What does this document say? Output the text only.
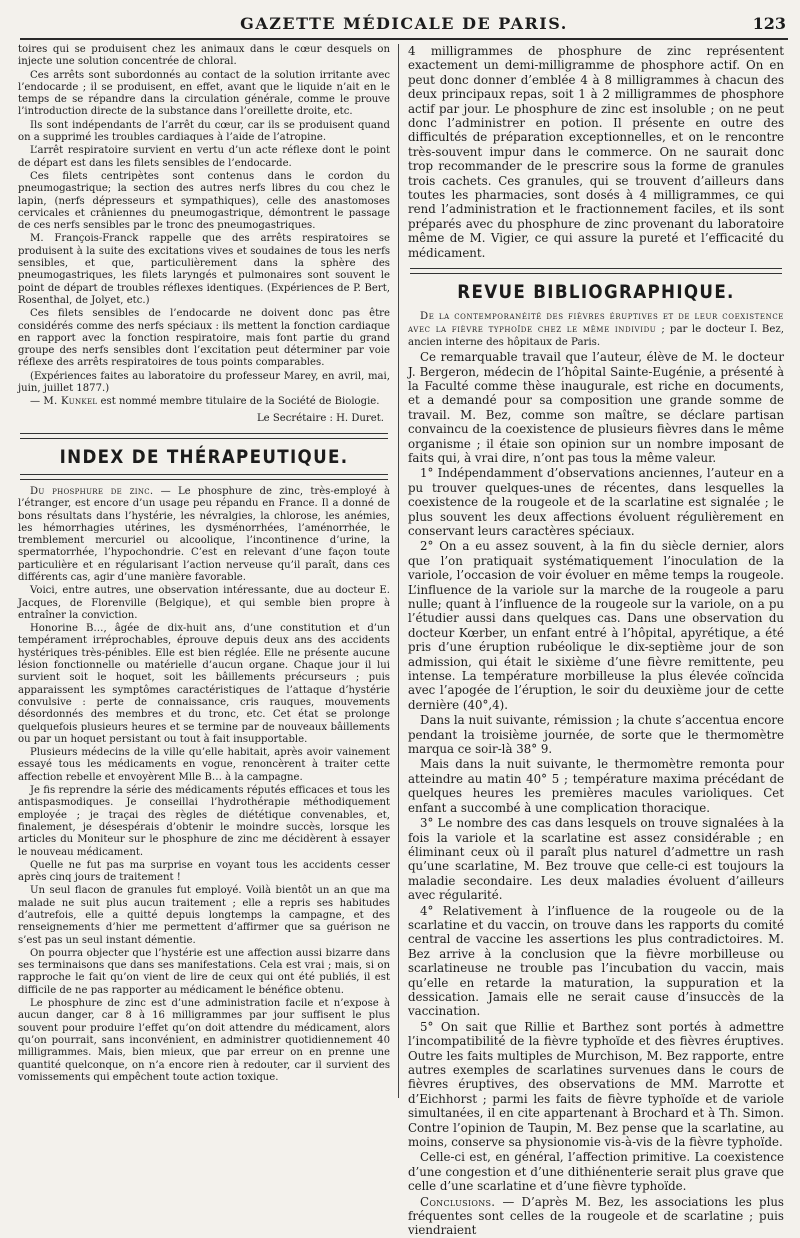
GAZETTE MÉDICALE DE PARIS.	123

toires qui se produisent chez les animaux dans le cœur desquels on injecte une solution concentrée de chloral.

Ces arrêts sont subordonnés au contact de la solution irritante avec l’endocarde ; il se produisent, en effet, avant que le liquide n’ait en le temps de se répandre dans la circulation générale, comme le prouve l’introduction directe de la substance dans l’oreillette droite, etc.

Ils sont indépendants de l’arrêt du cœur, car ils se produisent quand on a supprimé les troubles cardiaques à l’aide de l’atropine.

L’arrêt respiratoire survient en vertu d’un acte réflexe dont le point de départ est dans les filets sensibles de l’endocarde.

Ces filets centripètes sont contenus dans le cordon du pneumogastrique; la section des autres nerfs libres du cou chez le lapin, (nerfs dépresseurs et sympathiques), celle des anastomoses cervicales et crâniennes du pneumogastrique, démontrent le passage de ces nerfs sensibles par le tronc des pneumogastriques.

M. François-Franck rappelle que des arrêts respiratoires se produisent à la suite des excitations vives et soudaines de tous les nerfs sensibles, et que, particulièrement dans la sphère des pneumogastriques, les filets laryngés et pulmonaires sont souvent le point de départ de troubles réflexes identiques. (Expériences de P. Bert, Rosenthal, de Jolyet, etc.)

Ces filets sensibles de l’endocarde ne doivent donc pas être considérés comme des nerfs spéciaux : ils mettent la fonction cardiaque en rapport avec la fonction respiratoire, mais font partie du grand groupe des nerfs sensibles dont l’excitation peut déterminer par voie réflexe des arrêts respiratoires de tous points comparables.

(Expériences faites au laboratoire du professeur Marey, en avril, mai, juin, juillet 1877.)

— M. Kunkel est nommé membre titulaire de la Société de Biologie.

Le Secrétaire : H. Duret.

INDEX DE THÉRAPEUTIQUE.

Du phosphure de zinc. — Le phosphure de zinc, très-employé à l’étranger, est encore d’un usage peu répandu en France. Il a donné de bons résultats dans l’hystérie, les névralgies, la chlorose, les anémies, les hémorrhagies utérines, les dysménorrhées, l’aménorrhée, le tremblement mercuriel ou alcoolique, l’incontinence d’urine, la spermatorrhée, l’hypochondrie. C’est en relevant d’une façon toute particulière et en régularisant l’action nerveuse qu’il paraît, dans ces différents cas, agir d’une manière favorable.

Voici, entre autres, une observation intéressante, due au docteur E. Jacques, de Florenville (Belgique), et qui semble bien propre à entraîner la conviction.

Honorine B…, âgée de dix-huit ans, d’une constitution et d’un tempérament irréprochables, éprouve depuis deux ans des accidents hystériques très-pénibles. Elle est bien réglée. Elle ne présente aucune lésion fonctionnelle ou matérielle d’aucun organe. Chaque jour il lui survient soit le hoquet, soit les bâillements précurseurs ; puis apparaissent les symptômes caractéristiques de l’attaque d’hystérie convulsive : perte de connaissance, cris rauques, mouvements désordonnés des membres et du tronc, etc. Cet état se prolonge quelquefois plusieurs heures et se termine par de nouveaux bâillements ou par un hoquet persistant ou tout à fait insupportable.

Plusieurs médecins de la ville qu’elle habitait, après avoir vainement essayé tous les médicaments en vogue, renoncèrent à traiter cette affection rebelle et envoyèrent Mlle B… à la campagne.

Je fis reprendre la série des médicaments réputés efficaces et tous les antispasmodiques. Je conseillai l’hydrothérapie méthodiquement employée ; je traçai des règles de diététique convenables, et, finalement, je désespérais d’obtenir le moindre succès, lorsque les articles du Moniteur sur le phosphure de zinc me décidèrent à essayer le nouveau médicament.

Quelle ne fut pas ma surprise en voyant tous les accidents cesser après cinq jours de traitement !

Un seul flacon de granules fut employé. Voilà bientôt un an que ma malade ne suit plus aucun traitement ; elle a repris ses habitudes d’autrefois, elle a quitté depuis longtemps la campagne, et des renseignements d’hier me permettent d’affirmer que sa guérison ne s’est pas un seul instant démentie.

On pourra objecter que l’hystérie est une affection aussi bizarre dans ses terminaisons que dans ses manifestations. Cela est vrai ; mais, si on rapproche le fait qu’on vient de lire de ceux qui ont été publiés, il est difficile de ne pas rapporter au médicament le bénéfice obtenu.

Le phosphure de zinc est d’une administration facile et n’expose à aucun danger, car 8 à 16 milligrammes par jour suffisent le plus souvent pour produire l’effet qu’on doit attendre du médicament, alors qu’on pourrait, sans inconvénient, en administrer quotidiennement 40 milligrammes. Mais, bien mieux, que par erreur on en prenne une quantité quelconque, on n’a encore rien à redouter, car il survient des vomissements qui empêchent toute action toxique.

4 milligrammes de phosphure de zinc représentent exactement un demi-milligramme de phosphore actif. On en peut donc donner d’emblée 4 à 8 milligrammes à chacun des deux principaux repas, soit 1 à 2 milligrammes de phosphore actif par jour. Le phosphure de zinc est insoluble ; on ne peut donc l’administrer en potion. Il présente en outre des difficultés de préparation exceptionnelles, et on le rencontre très-souvent impur dans le commerce. On ne saurait donc trop recommander de le prescrire sous la forme de granules trois cachets. Ces granules, qui se trouvent d’ailleurs dans toutes les pharmacies, sont dosés à 4 milligrammes, ce qui rend l’administration et le fractionnement faciles, et ils sont préparés avec du phosphure de zinc provenant du laboratoire même de M. Vigier, ce qui assure la pureté et l’efficacité du médicament.

REVUE BIBLIOGRAPHIQUE.

De la contemporanéité des fièvres éruptives et de leur coexistence avec la fièvre typhoïde chez le même individu ; par le docteur I. Bez, ancien interne des hôpitaux de Paris.

Ce remarquable travail que l’auteur, élève de M. le docteur J. Bergeron, médecin de l’hôpital Sainte-Eugénie, a présenté à la Faculté comme thèse inaugurale, est riche en documents, et a demandé pour sa composition une grande somme de travail. M. Bez, comme son maître, se déclare partisan convaincu de la coexistence de plusieurs fièvres dans le même organisme ; il étaie son opinion sur un nombre imposant de faits qui, à vrai dire, n’ont pas tous la même valeur.

1° Indépendamment d’observations anciennes, l’auteur en a pu trouver quelques-unes de récentes, dans lesquelles la coexistence de la rougeole et de la scarlatine est signalée ; le plus souvent les deux affections évoluent régulièrement en conservant leurs caractères spéciaux.

2° On a eu assez souvent, à la fin du siècle dernier, alors que l’on pratiquait systématiquement l’inoculation de la variole, l’occasion de voir évoluer en même temps la rougeole. L’influence de la variole sur la marche de la rougeole a paru nulle; quant à l’influence de la rougeole sur la variole, on a pu l’étudier aussi dans quelques cas. Dans une observation du docteur Kœrber, un enfant entré à l’hôpital, apyrétique, a été pris d’une éruption rubéolique le dix-septième jour de son admission, qui était le sixième d’une fièvre remittente, peu intense. La température morbilleuse la plus élevée coïncida avec l’apogée de l’éruption, le soir du deuxième jour de cette dernière (40°,4).

Dans la nuit suivante, rémission ; la chute s’accentua encore pendant la troisième journée, de sorte que le thermomètre marqua ce soir-là 38° 9.

Mais dans la nuit suivante, le thermomètre remonta pour atteindre au matin 40° 5 ; température maxima précédant de quelques heures les premières macules varioliques. Cet enfant a succombé à une complication thoracique.

3° Le nombre des cas dans lesquels on trouve signalées à la fois la variole et la scarlatine est assez considérable ; en éliminant ceux où il paraît plus naturel d’admettre un rash qu’une scarlatine, M. Bez trouve que celle-ci est toujours la maladie secondaire. Les deux maladies évoluent d’ailleurs avec régularité.

4° Relativement à l’influence de la rougeole ou de la scarlatine et du vaccin, on trouve dans les rapports du comité central de vaccine les assertions les plus contradictoires. M. Bez arrive à la conclusion que la fièvre morbilleuse ou scarlatineuse ne trouble pas l’incubation du vaccin, mais qu’elle en retarde la maturation, la suppuration et la dessication. Jamais elle ne serait cause d’insuccès de la vaccination.

5° On sait que Rillie et Barthez sont portés à admettre l’incompatibilité de la fièvre typhoïde et des fièvres éruptives. Outre les faits multiples de Murchison, M. Bez rapporte, entre autres exemples de scarlatines survenues dans le cours de fièvres éruptives, des observations de MM. Marrotte et d’Eichhorst ; parmi les faits de fièvre typhoïde et de variole simultanées, il en cite appartenant à Brochard et à Th. Simon. Contre l’opinion de Taupin, M. Bez pense que la scarlatine, au moins, conserve sa physionomie vis-à-vis de la fièvre typhoïde.

Celle-ci est, en général, l’affection primitive. La coexistence d’une congestion et d’une dithiénenterie serait plus grave que celle d’une scarlatine et d’une fièvre typhoïde.

Conclusions. — D’après M. Bez, les associations les plus fréquentes sont celles de la rougeole et de scarlatine ; puis viendraient
